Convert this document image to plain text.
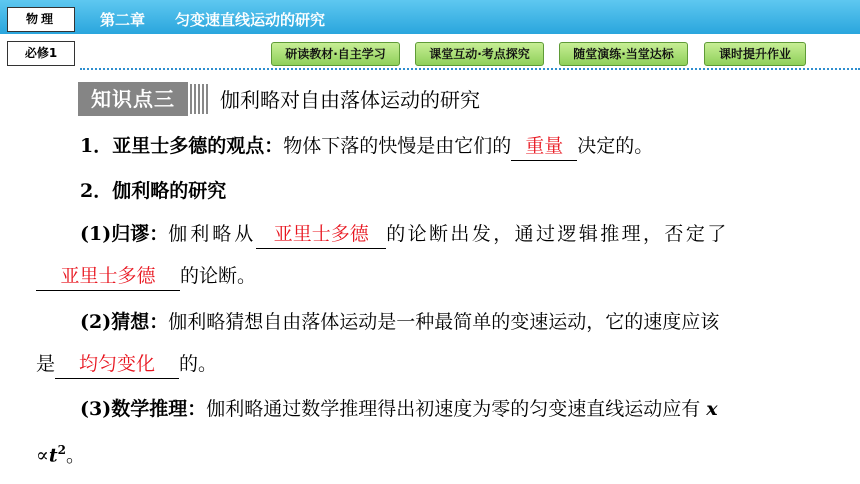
物理	第二章 匀变速直线运动的研究
必修1	研读教材·自主学习	课堂互动·考点探究	随堂演练·当堂达标	课时提升作业
知识点三	伽利略对自由落体运动的研究
1．亚里士多德的观点：物体下落的快慢是由它们的 重量 决定的。
2．伽利略的研究
(1)归谬：伽利略从 亚里士多德 的论断出发，通过逻辑推理，否定了
亚里士多德 的论断。
(2)猜想：伽利略猜想自由落体运动是一种最简单的变速运动，它的速度应该
是 均匀变化 的。
(3)数学推理：伽利略通过数学推理得出初速度为零的匀变速直线运动应有 x
$\propto t^2$。
